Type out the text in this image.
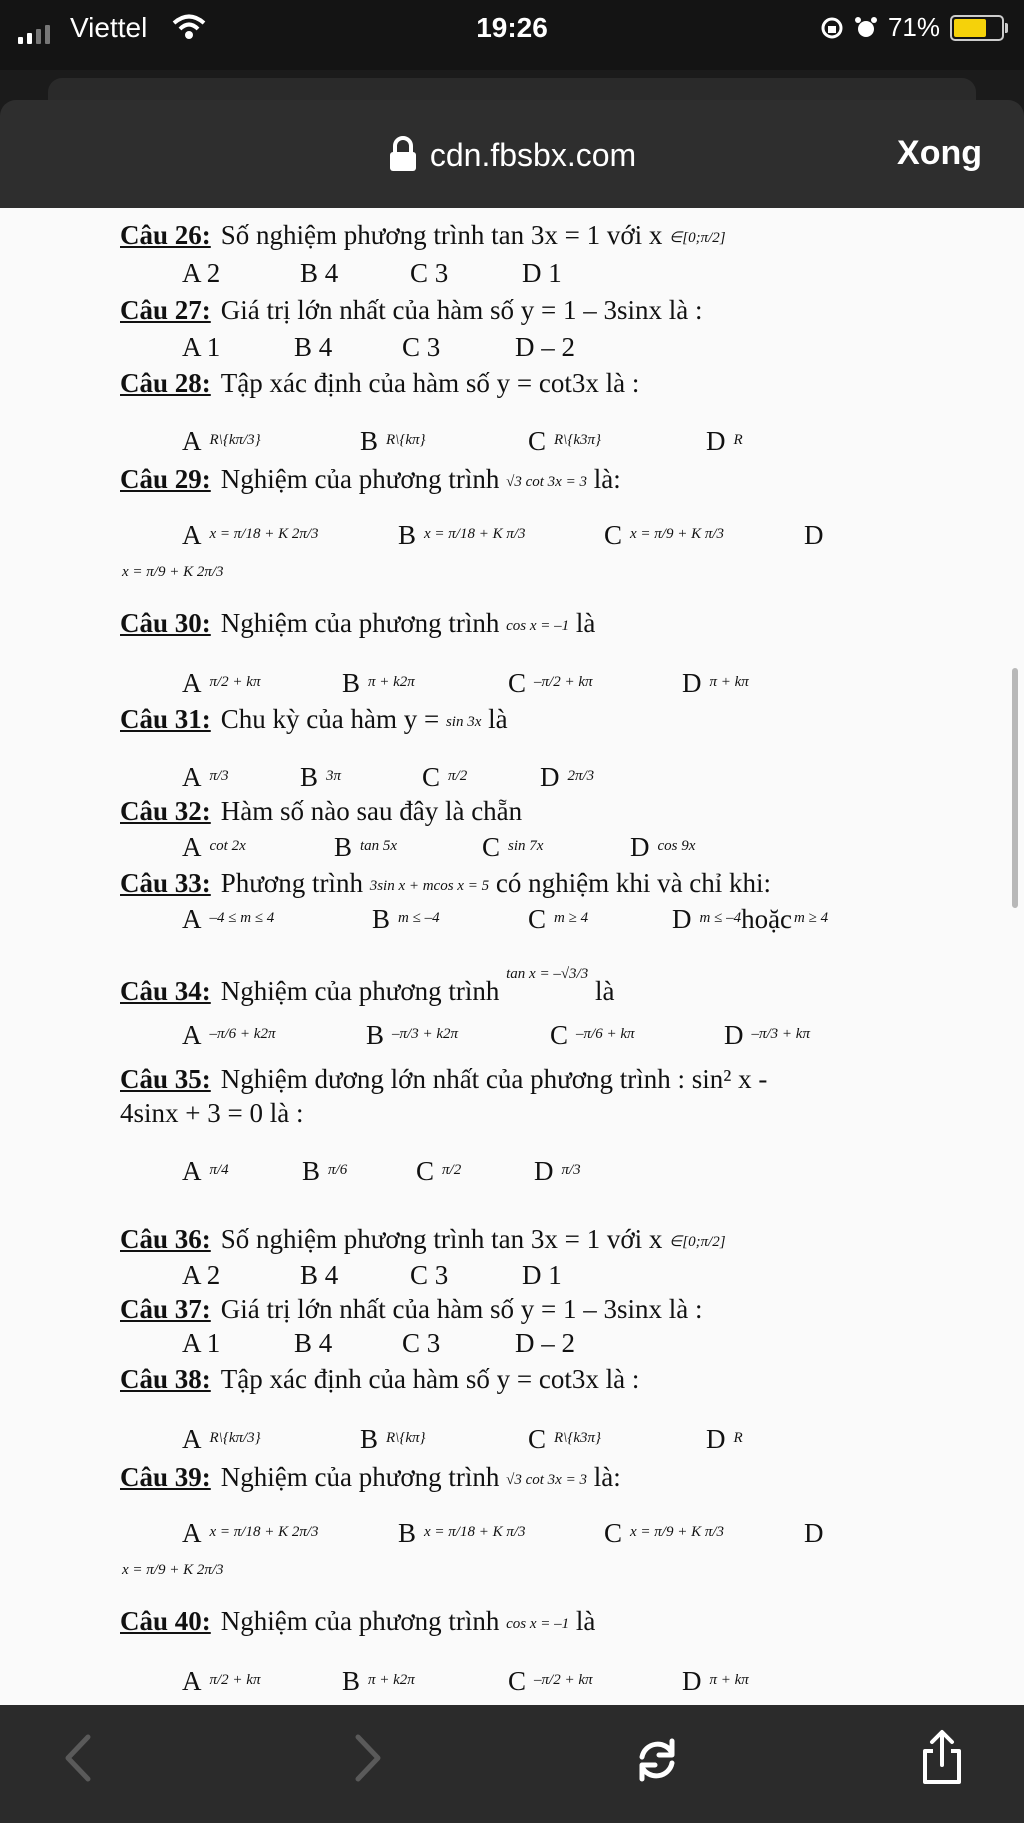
Viettel	19:26	71%
cdn.fbsbx.com	Xong
Câu 26: Số nghiệm phương trình tan 3x = 1 với x ∈[0;π/2]
A 2	B 4	C 3	D 1
Câu 27: Giá trị lớn nhất của hàm số y = 1 – 3sinx là :
A 1	B 4	C 3	D – 2
Câu 28: Tập xác định của hàm số y = cot3x là :
A $^{R\backslash\{k\pi/3\}}$	B $^{R\backslash\{k\pi\}}$	C $^{R\backslash\{k3\pi\}}$	D $^R$
Câu 29: Nghiệm của phương trình √3 cot 3x = 3 là:
A $^{x = \pi/18 + K 2\pi/3}$	B $^{x = \pi/18 + K \pi/3}$	C $^{x = \pi/9 + K \pi/3}$	D
x = π/9 + K 2π/3
Câu 30: Nghiệm của phương trình cos x = –1 là
A $^{\pi/2 + k\pi}$	B $^{\pi + k2\pi}$	C $^{-\pi/2 + k\pi}$	D $^{\pi + k\pi}$
Câu 31: Chu kỳ của hàm y = sin 3x là
A $^{\pi/3}$	B $^{3\pi}$	C $^{\pi/2}$	D $^{2\pi/3}$
Câu 32: Hàm số nào sau đây là chẵn
A $^{cot 2x}$	B $^{tan 5x}$	C $^{sin 7x}$	D $^{cos 9x}$
Câu 33: Phương trình 3sin x + mcos x = 5 có nghiệm khi và chỉ khi:
A $^{-4 \le m \le 4}$	B $^{m \le -4}$	C $^{m \ge 4}$	D $^{m \le -4}$hoặc $^{m \ge 4}$
Câu 34: Nghiệm của phương trình $^{tan x = -√3/3}$ là
A $^{-\pi/6 + k2\pi}$	B $^{-\pi/3 + k2\pi}$	C $^{-\pi/6 + k\pi}$	D $^{-\pi/3 + k\pi}$
Câu 35: Nghiệm dương lớn nhất của phương trình : sin² x -
4sinx + 3 = 0 là :
A $^{\pi/4}$	B $^{\pi/6}$	C $^{\pi/2}$	D $^{\pi/3}$
Câu 36: Số nghiệm phương trình tan 3x = 1 với x ∈[0;π/2]
A 2	B 4	C 3	D 1
Câu 37: Giá trị lớn nhất của hàm số y = 1 – 3sinx là :
A 1	B 4	C 3	D – 2
Câu 38: Tập xác định của hàm số y = cot3x là :
A $^{R\backslash\{k\pi/3\}}$	B $^{R\backslash\{k\pi\}}$	C $^{R\backslash\{k3\pi\}}$	D $^R$
Câu 39: Nghiệm của phương trình √3 cot 3x = 3 là:
A $^{x = \pi/18 + K 2\pi/3}$	B $^{x = \pi/18 + K \pi/3}$	C $^{x = \pi/9 + K \pi/3}$	D
x = π/9 + K 2π/3
Câu 40: Nghiệm của phương trình cos x = –1 là
A $^{\pi/2 + k\pi}$	B $^{\pi + k2\pi}$	C $^{-\pi/2 + k\pi}$	D $^{\pi + k\pi}$
